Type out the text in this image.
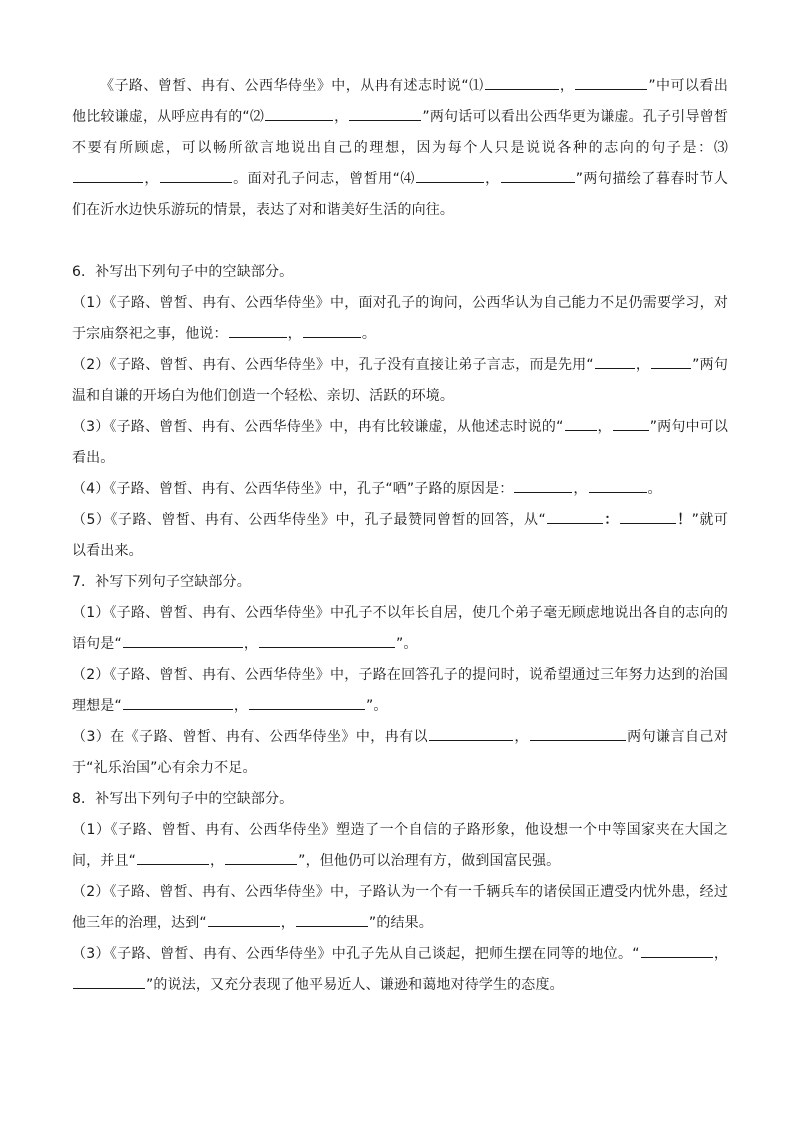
《子路、曾皙、冉有、公西华侍坐》中，从冉有述志时说“⑴	，	”中可以看出他比较谦虚，从呼应冉有的“⑵	，	”两句话可以看出公西华更为谦虚。孔子引导曾皙不要有所顾虑，可以畅所欲言地说出自己的理想，因为每个人只是说说各种的志向的句子是：⑶，	。面对孔子问志，曾皙用“⑷	，	”两句描绘了暮春时节人们在沂水边快乐游玩的情景，表达了对和谐美好生活的向往。

6．补写出下列句子中的空缺部分。

（1）《子路、曾皙、冉有、公西华侍坐》中，面对孔子的询问，公西华认为自己能力不足仍需要学习，对于宗庙祭祀之事，他说：	，	。

（2）《子路、曾皙、冉有、公西华侍坐》中，孔子没有直接让弟子言志，而是先用“	，	”两句温和自谦的开场白为他们创造一个轻松、亲切、活跃的环境。

（3）《子路、曾皙、冉有、公西华侍坐》中，冉有比较谦虚，从他述志时说的“ ，	”两句中可以看出。

（4）《子路、曾皙、冉有、公西华侍坐》中，孔子“哂”子路的原因是：	，	。

（5）《子路、曾皙、冉有、公西华侍坐》中，孔子最赞同曾皙的回答，从“	：	！”就可以看出来。

7．补写下列句子空缺部分。

（1）《子路、曾皙、冉有、公西华侍坐》中孔子不以年长自居，使几个弟子毫无顾虑地说出各自的志向的语句是“	，	”。

（2）《子路、曾皙、冉有、公西华侍坐》中，子路在回答孔子的提问时，说希望通过三年努力达到的治国理想是“	，	”。

（3）在《子路、曾皙、冉有、公西华侍坐》中，冉有以	，	两句谦言自己对于“礼乐治国”心有余力不足。

8．补写出下列句子中的空缺部分。

（1）《子路、曾皙、冉有、公西华侍坐》塑造了一个自信的子路形象，他设想一个中等国家夹在大国之间，并且“	，	”，但他仍可以治理有方，做到国富民强。

（2）《子路、曾皙、冉有、公西华侍坐》中，子路认为一个有一千辆兵车的诸侯国正遭受内忧外患，经过他三年的治理，达到“	，	”的结果。

（3）《子路、曾皙、冉有、公西华侍坐》中孔子先从自己谈起，把师生摆在同等的地位。“	，”的说法，又充分表现了他平易近人、谦逊和蔼地对待学生的态度。
